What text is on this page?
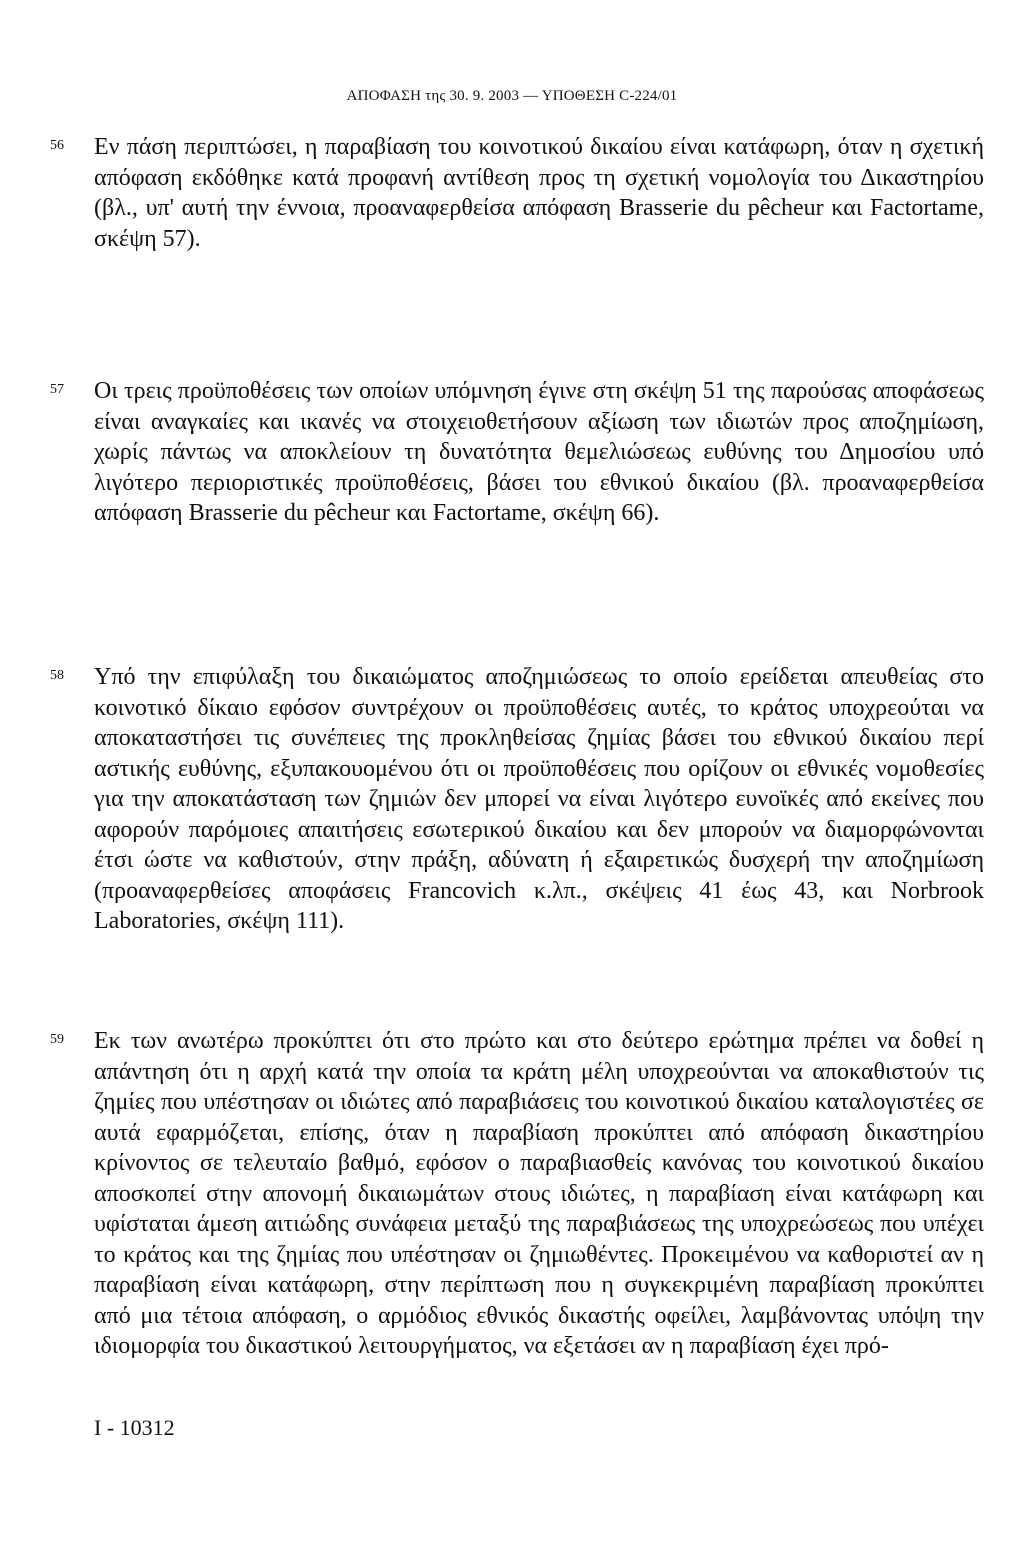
ΑΠΟΦΑΣΗ της 30. 9. 2003 — ΥΠΟΘΕΣΗ C-224/01
56 Εν πάση περιπτώσει, η παραβίαση του κοινοτικού δικαίου είναι κατάφωρη, όταν η σχετική απόφαση εκδόθηκε κατά προφανή αντίθεση προς τη σχετική νομολογία του Δικαστηρίου (βλ., υπ' αυτή την έννοια, προαναφερθείσα απόφαση Brasserie du pêcheur και Factortame, σκέψη 57).

57 Οι τρεις προϋποθέσεις των οποίων υπόμνηση έγινε στη σκέψη 51 της παρούσας αποφάσεως είναι αναγκαίες και ικανές να στοιχειοθετήσουν αξίωση των ιδιωτών προς αποζημίωση, χωρίς πάντως να αποκλείουν τη δυνατότητα θεμελιώσεως ευθύνης του Δημοσίου υπό λιγότερο περιοριστικές προϋποθέσεις, βάσει του εθνικού δικαίου (βλ. προαναφερθείσα απόφαση Brasserie du pêcheur και Factortame, σκέψη 66).

58 Υπό την επιφύλαξη του δικαιώματος αποζημιώσεως το οποίο ερείδεται απευθείας στο κοινοτικό δίκαιο εφόσον συντρέχουν οι προϋποθέσεις αυτές, το κράτος υποχρεούται να αποκαταστήσει τις συνέπειες της προκληθείσας ζημίας βάσει του εθνικού δικαίου περί αστικής ευθύνης, εξυπακουομένου ότι οι προϋποθέσεις που ορίζουν οι εθνικές νομοθεσίες για την αποκατάσταση των ζημιών δεν μπορεί να είναι λιγότερο ευνοϊκές από εκείνες που αφορούν παρόμοιες απαιτήσεις εσωτερικού δικαίου και δεν μπορούν να διαμορφώνονται έτσι ώστε να καθιστούν, στην πράξη, αδύνατη ή εξαιρετικώς δυσχερή την αποζημίωση (προαναφερθείσες αποφάσεις Francovich κ.λπ., σκέψεις 41 έως 43, και Norbrook Laboratories, σκέψη 111).

59 Εκ των ανωτέρω προκύπτει ότι στο πρώτο και στο δεύτερο ερώτημα πρέπει να δοθεί η απάντηση ότι η αρχή κατά την οποία τα κράτη μέλη υποχρεούνται να αποκαθιστούν τις ζημίες που υπέστησαν οι ιδιώτες από παραβιάσεις του κοινοτικού δικαίου καταλογιστέες σε αυτά εφαρμόζεται, επίσης, όταν η παραβίαση προκύπτει από απόφαση δικαστηρίου κρίνοντος σε τελευταίο βαθμό, εφόσον ο παραβιασθείς κανόνας του κοινοτικού δικαίου αποσκοπεί στην απονομή δικαιωμάτων στους ιδιώτες, η παραβίαση είναι κατάφωρη και υφίσταται άμεση αιτιώδης συνάφεια μεταξύ της παραβιάσεως της υποχρεώσεως που υπέχει το κράτος και της ζημίας που υπέστησαν οι ζημιωθέντες. Προκειμένου να καθοριστεί αν η παραβίαση είναι κατάφωρη, στην περίπτωση που η συγκεκριμένη παραβίαση προκύπτει από μια τέτοια απόφαση, ο αρμόδιος εθνικός δικαστής οφείλει, λαμβάνοντας υπόψη την ιδιομορφία του δικαστικού λειτουργήματος, να εξετάσει αν η παραβίαση έχει πρό-

I - 10312
